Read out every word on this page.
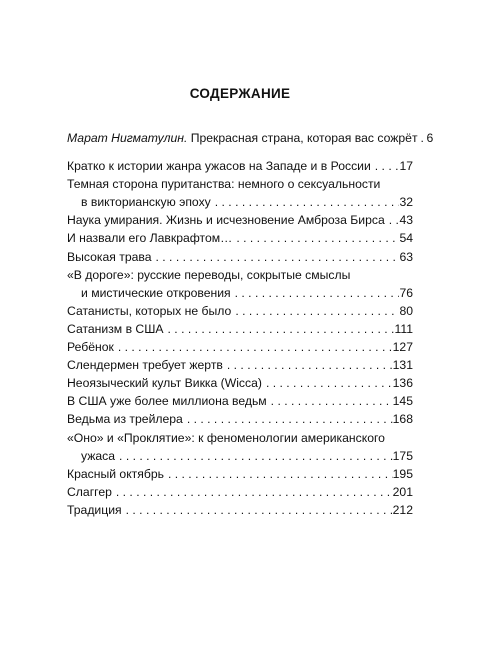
СОДЕРЖАНИЕ
Марат Нигматулин. Прекрасная страна, которая вас сожрёт . . . 6
Кратко к истории жанра ужасов на Западе и в России . . . 17
Темная сторона пуританства: немного о сексуальности
в викторианскую эпоху . . .	32
Наука умирания. Жизнь и исчезновение Амброза Бирса . . . 43
И назвали его Лавкрафтом… . . .	54
Высокая трава . . .	63
«В дороге»: русские переводы, сокрытые смыслы
и мистические откровения . . .	76
Сатанисты, которых не было . . .	80
Сатанизм в США . . .	111
Ребёнок . . .	127
Слендермен требует жертв . . .	131
Неоязыческий культ Викка (Wicca) . . .	136
В США уже более миллиона ведьм . . .	145
Ведьма из трейлера . . .	168
«Оно» и «Проклятие»: к феноменологии американского
ужаса . . .	175
Красный октябрь . . .	195
Слаггер . . .	201
Традиция . . .	212
